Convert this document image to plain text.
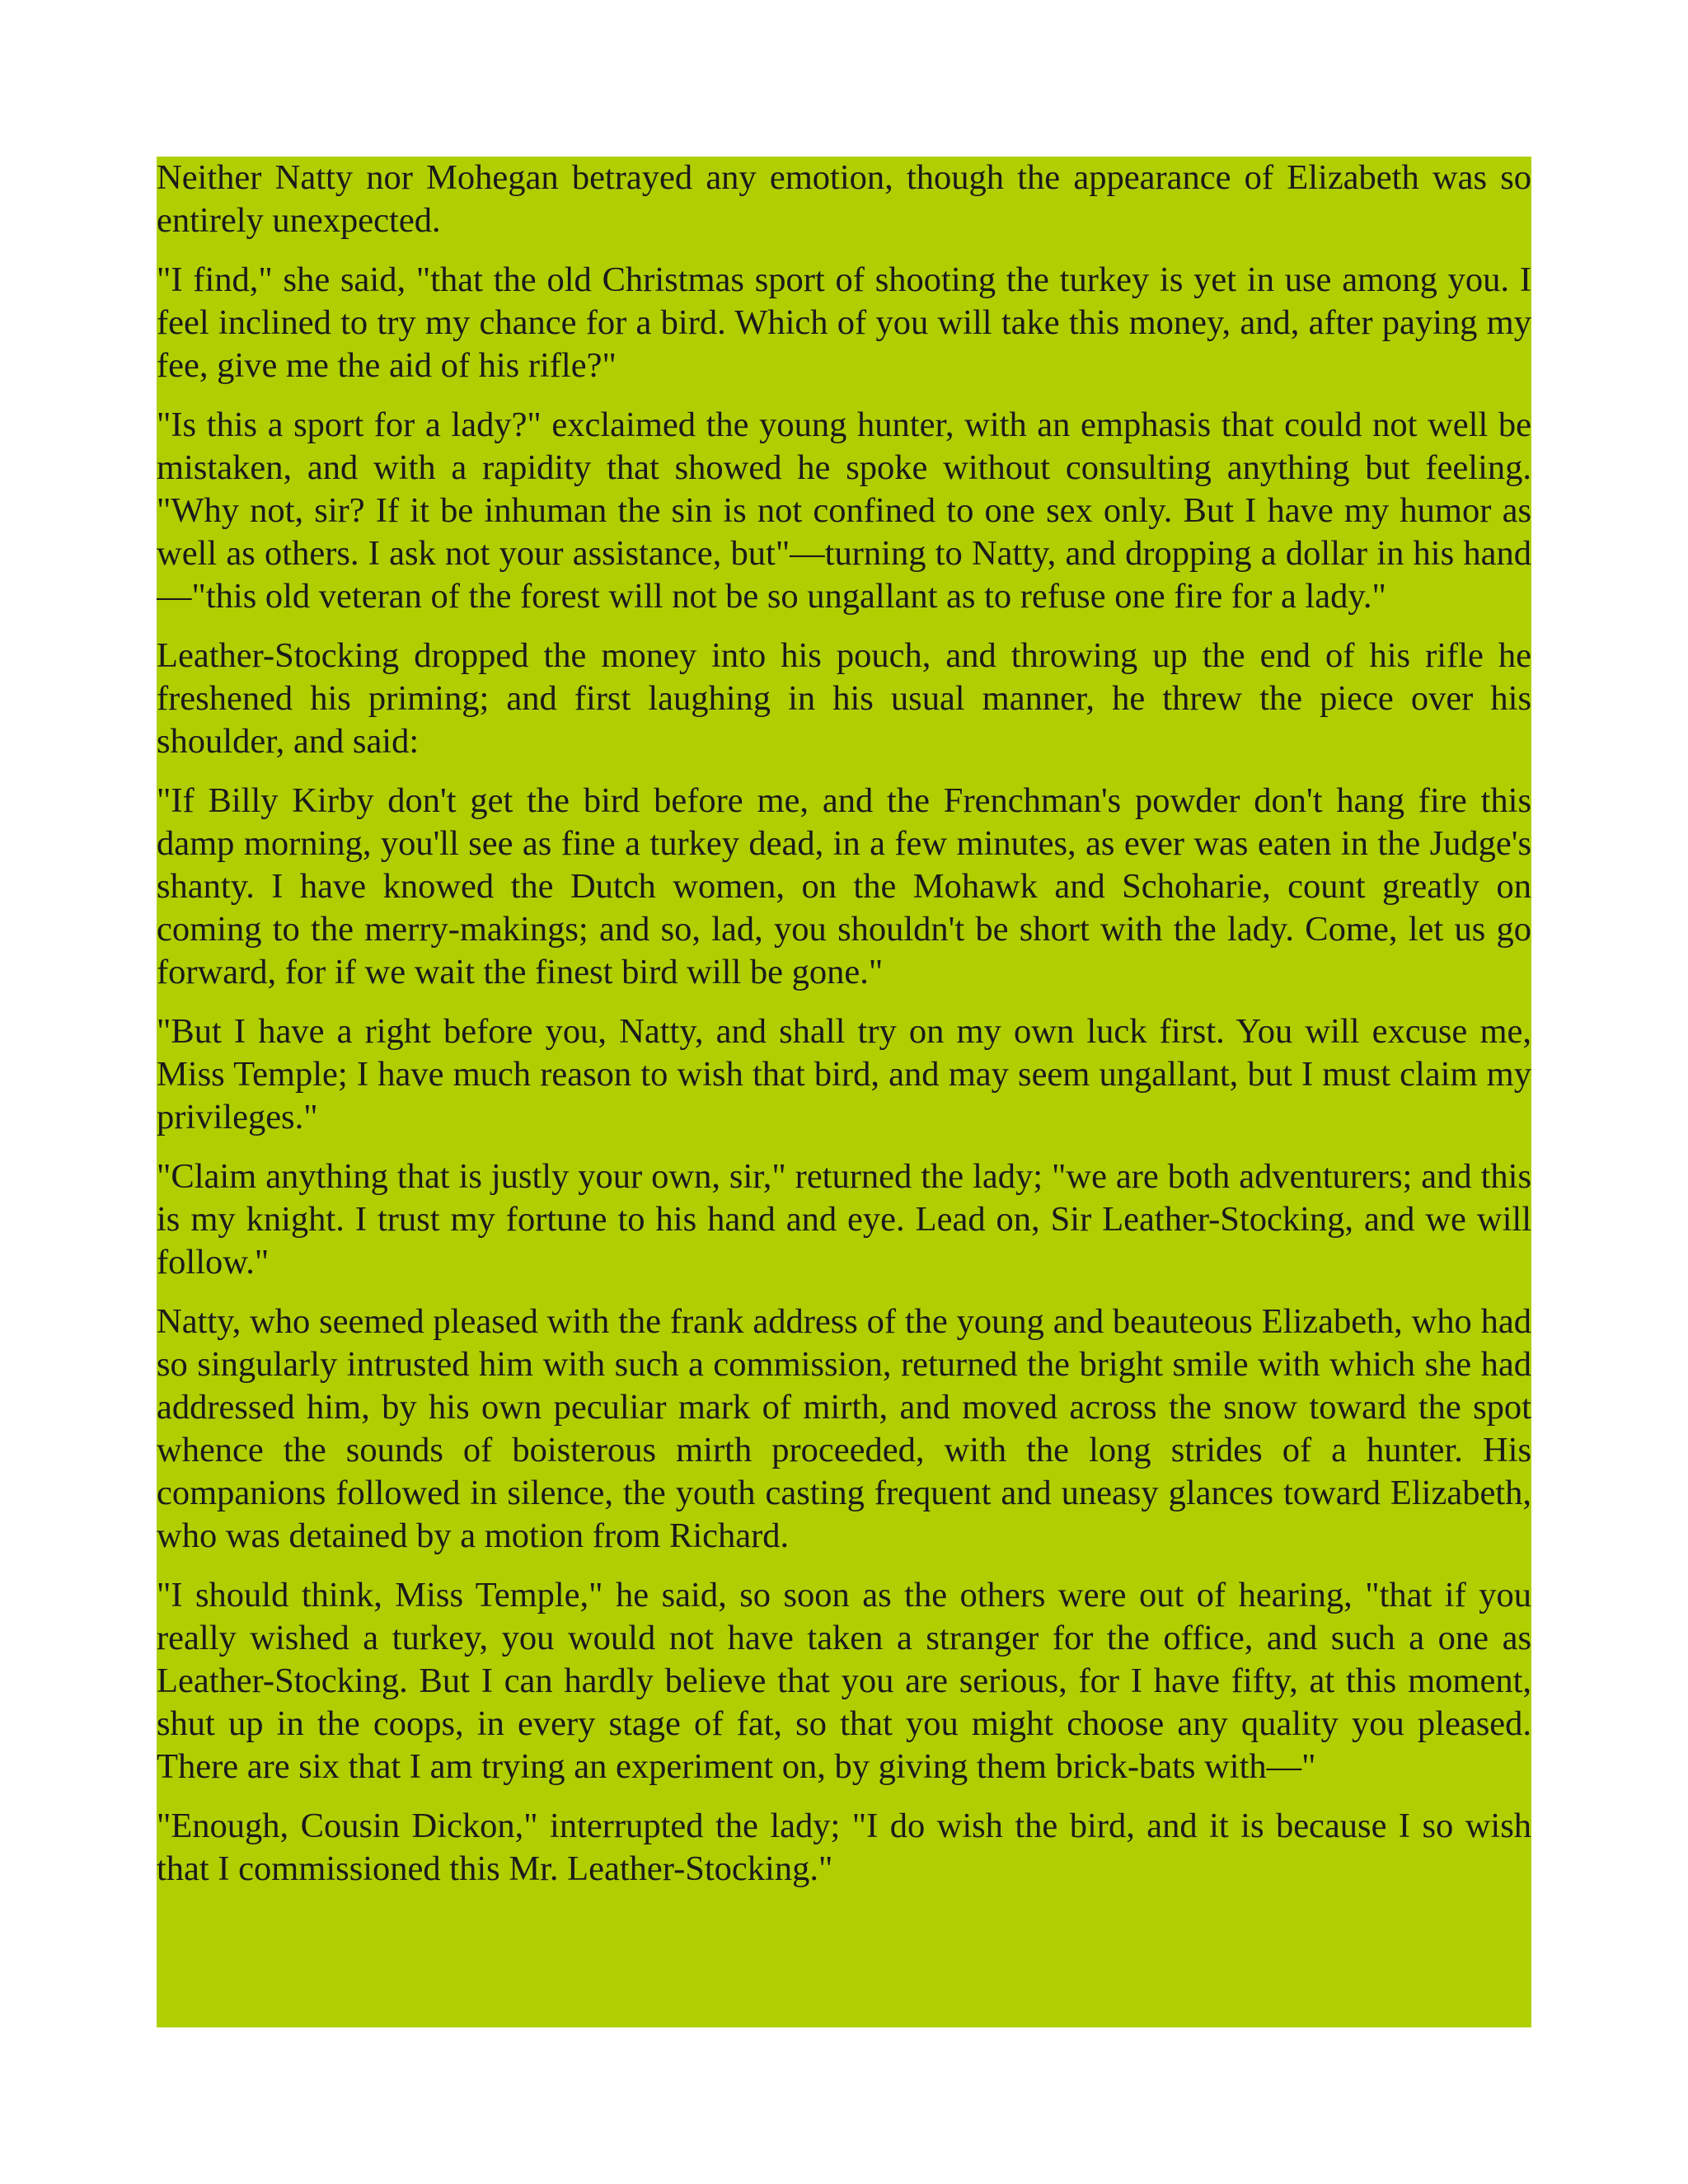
Neither Natty nor Mohegan betrayed any emotion, though the appearance of Elizabeth was so entirely unexpected.

"I find," she said, "that the old Christmas sport of shooting the turkey is yet in use among you. I feel inclined to try my chance for a bird. Which of you will take this money, and, after paying my fee, give me the aid of his rifle?"

"Is this a sport for a lady?" exclaimed the young hunter, with an emphasis that could not well be mistaken, and with a rapidity that showed he spoke without consulting anything but feeling. "Why not, sir? If it be inhuman the sin is not confined to one sex only. But I have my humor as well as others. I ask not your assistance, but"—turning to Natty, and dropping a dollar in his hand—"this old veteran of the forest will not be so ungallant as to refuse one fire for a lady."

Leather-Stocking dropped the money into his pouch, and throwing up the end of his rifle he freshened his priming; and first laughing in his usual manner, he threw the piece over his shoulder, and said:

"If Billy Kirby don't get the bird before me, and the Frenchman's powder don't hang fire this damp morning, you'll see as fine a turkey dead, in a few minutes, as ever was eaten in the Judge's shanty. I have knowed the Dutch women, on the Mohawk and Schoharie, count greatly on coming to the merry-makings; and so, lad, you shouldn't be short with the lady. Come, let us go forward, for if we wait the finest bird will be gone."

"But I have a right before you, Natty, and shall try on my own luck first. You will excuse me, Miss Temple; I have much reason to wish that bird, and may seem ungallant, but I must claim my privileges."

"Claim anything that is justly your own, sir," returned the lady; "we are both adventurers; and this is my knight. I trust my fortune to his hand and eye. Lead on, Sir Leather-Stocking, and we will follow."

Natty, who seemed pleased with the frank address of the young and beauteous Elizabeth, who had so singularly intrusted him with such a commission, returned the bright smile with which she had addressed him, by his own peculiar mark of mirth, and moved across the snow toward the spot whence the sounds of boisterous mirth proceeded, with the long strides of a hunter. His companions followed in silence, the youth casting frequent and uneasy glances toward Elizabeth, who was detained by a motion from Richard.

"I should think, Miss Temple," he said, so soon as the others were out of hearing, "that if you really wished a turkey, you would not have taken a stranger for the office, and such a one as Leather-Stocking. But I can hardly believe that you are serious, for I have fifty, at this moment, shut up in the coops, in every stage of fat, so that you might choose any quality you pleased. There are six that I am trying an experiment on, by giving them brick-bats with—"

"Enough, Cousin Dickon," interrupted the lady; "I do wish the bird, and it is because I so wish that I commissioned this Mr. Leather-Stocking."
